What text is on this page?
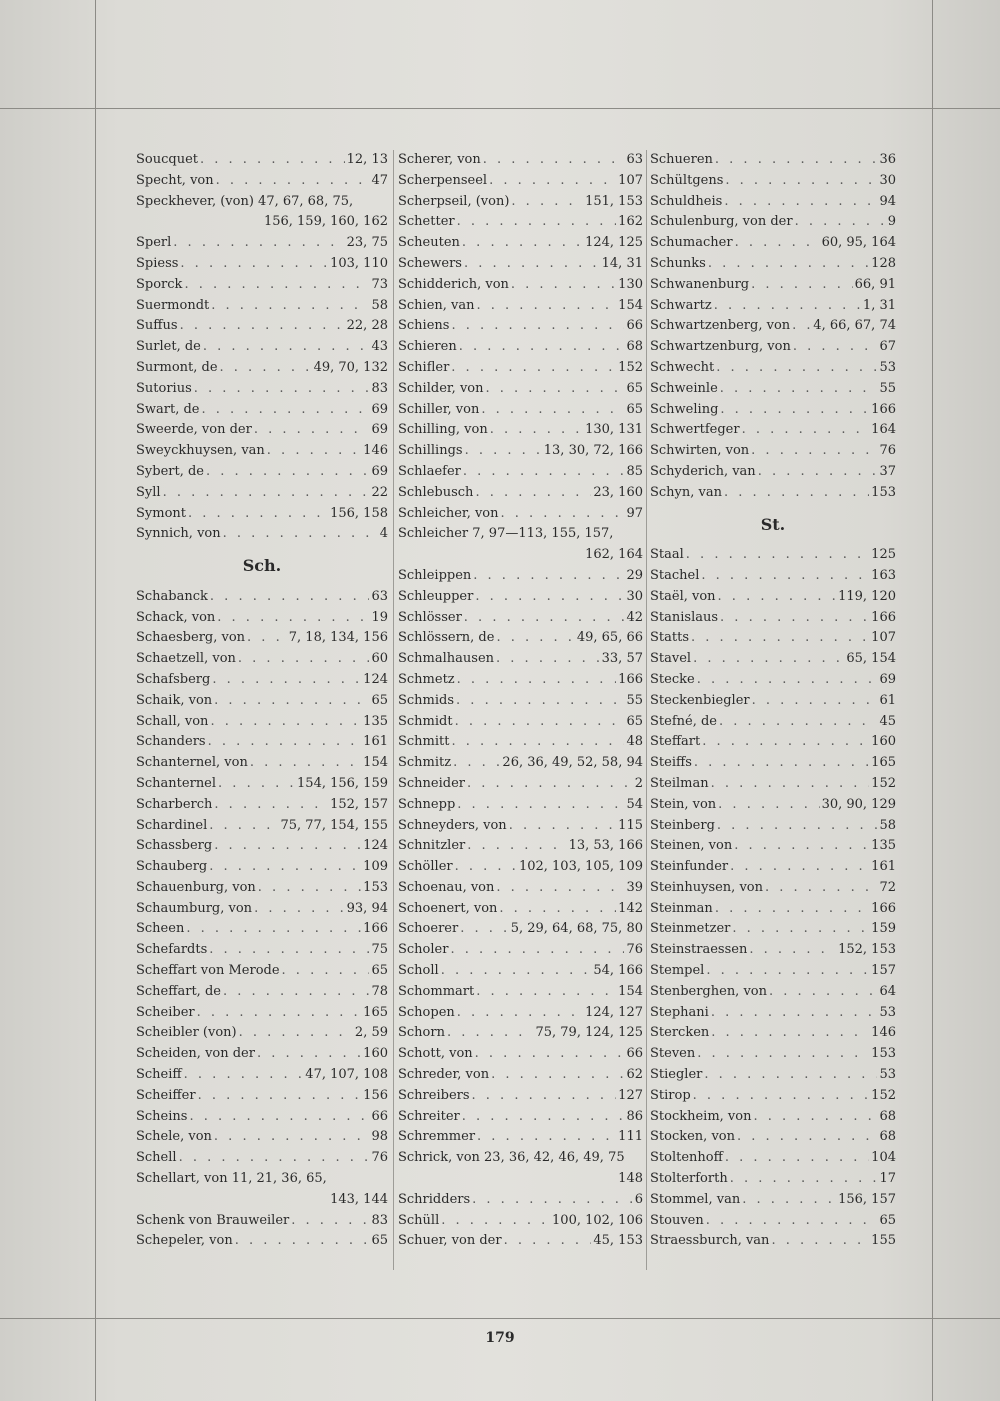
Soucquet . . .	12, 13
Specht, von . . .	47
Speckhever, (von) 47, 67, 68, 75,
156, 159, 160, 162
Sperl . . .	23, 75
Spiess . . .	103, 110
Sporck . . .	73
Suermondt . . .	58
Suffus . . .	22, 28
Surlet, de . . .	43
Surmont, de . . .	49, 70, 132
Sutorius . . .	83
Swart, de . . .	69
Sweerde, von der . . .	69
Sweyckhuysen, van . . .	146
Sybert, de . . .	69
Syll . . .	22
Symont . . .	156, 158
Synnich, von . . .	4
Sch.
Schabanck . . .	63
Schack, von . . .	19
Schaesberg, von . . .	7, 18, 134, 156
Schaetzell, von . . .	60
Schafsberg . . .	124
Schaik, von . . .	65
Schall, von . . .	135
Schanders . . .	161
Schanternel, von . . .	154
Schanternel . . .	154, 156, 159
Scharberch . . .	152, 157
Schardinel . . .	75, 77, 154, 155
Schassberg . . .	124
Schauberg . . .	109
Schauenburg, von . . .	153
Schaumburg, von . . .	93, 94
Scheen . . .	166
Schefardts . . .	75
Scheffart von Merode . . .	65
Scheffart, de . . .	78
Scheiber . . .	165
Scheibler (von) . . .	2, 59
Scheiden, von der . . .	160
Scheiff . . .	47, 107, 108
Scheiffer . . .	156
Scheins . . .	66
Schele, von . . .	98
Schell . . .	76
Schellart, von 11, 21, 36, 65,
143, 144
Schenk von Brauweiler . . .	83
Schepeler, von . . .	65
Scherer, von . . .	63
Scherpenseel . . .	107
Scherpseil, (von) . . .	151, 153
Schetter . . .	162
Scheuten . . .	124, 125
Schewers . . .	14, 31
Schidderich, von . . .	130
Schien, van . . .	154
Schiens . . .	66
Schieren . . .	68
Schifler . . .	152
Schilder, von . . .	65
Schiller, von . . .	65
Schilling, von . . .	130, 131
Schillings . . .	13, 30, 72, 166
Schlaefer . . .	85
Schlebusch . . .	23, 160
Schleicher, von . . .	97
Schleicher 7, 97—113, 155, 157,
162, 164
Schleippen . . .	29
Schleupper . . .	30
Schlösser . . .	42
Schlössern, de . . .	49, 65, 66
Schmalhausen . . .	33, 57
Schmetz . . .	166
Schmids . . .	55
Schmidt . . .	65
Schmitt . . .	48
Schmitz . . .	26, 36, 49, 52, 58, 94
Schneider . . .	2
Schnepp . . .	54
Schneyders, von . . .	115
Schnitzler . . .	13, 53, 166
Schöller . . .	102, 103, 105, 109
Schoenau, von . . .	39
Schoenert, von . . .	142
Schoerer . . .	5, 29, 64, 68, 75, 80
Scholer . . .	76
Scholl . . .	54, 166
Schommart . . .	154
Schopen . . .	124, 127
Schorn . . .	75, 79, 124, 125
Schott, von . . .	66
Schreder, von . . .	62
Schreibers . . .	127
Schreiter . . .	86
Schremmer . . .	111
Schrick, von 23, 36, 42, 46, 49, 75
148
Schridders . . .	6
Schüll . . .	100, 102, 106
Schuer, von der . . .	45, 153
Schueren . . .	36
Schültgens . . .	30
Schuldheis . . .	94
Schulenburg, von der . . .	9
Schumacher . . .	60, 95, 164
Schunks . . .	128
Schwanenburg . . .	66, 91
Schwartz . . .	1, 31
Schwartzenberg, von . . . 4, 66, 67, 74
Schwartzenburg, von . . .	67
Schwecht . . .	53
Schweinle . . .	55
Schweling . . .	166
Schwertfeger . . .	164
Schwirten, von . . .	76
Schyderich, van . . .	37
Schyn, van . . .	153
St.
Staal . . .	125
Stachel . . .	163
Staël, von . . .	119, 120
Stanislaus . . .	166
Statts . . .	107
Stavel . . .	65, 154
Stecke . . .	69
Steckenbiegler . . .	61
Stefné, de . . .	45
Steffart . . .	160
Steiffs . . .	165
Steilman . . .	152
Stein, von . . .	30, 90, 129
Steinberg . . .	58
Steinen, von . . .	135
Steinfunder . . .	161
Steinhuysen, von . . .	72
Steinman . . .	166
Steinmetzer . . .	159
Steinstraessen . . .	152, 153
Stempel . . .	157
Stenberghen, von . . .	64
Stephani . . .	53
Stercken . . .	146
Steven . . .	153
Stiegler . . .	53
Stirop . . .	152
Stockheim, von . . .	68
Stocken, von . . .	68
Stoltenhoff . . .	104
Stolterforth . . .	17
Stommel, van . . .	156, 157
Stouven . . .	65
Straessburch, van . . .	155
179
